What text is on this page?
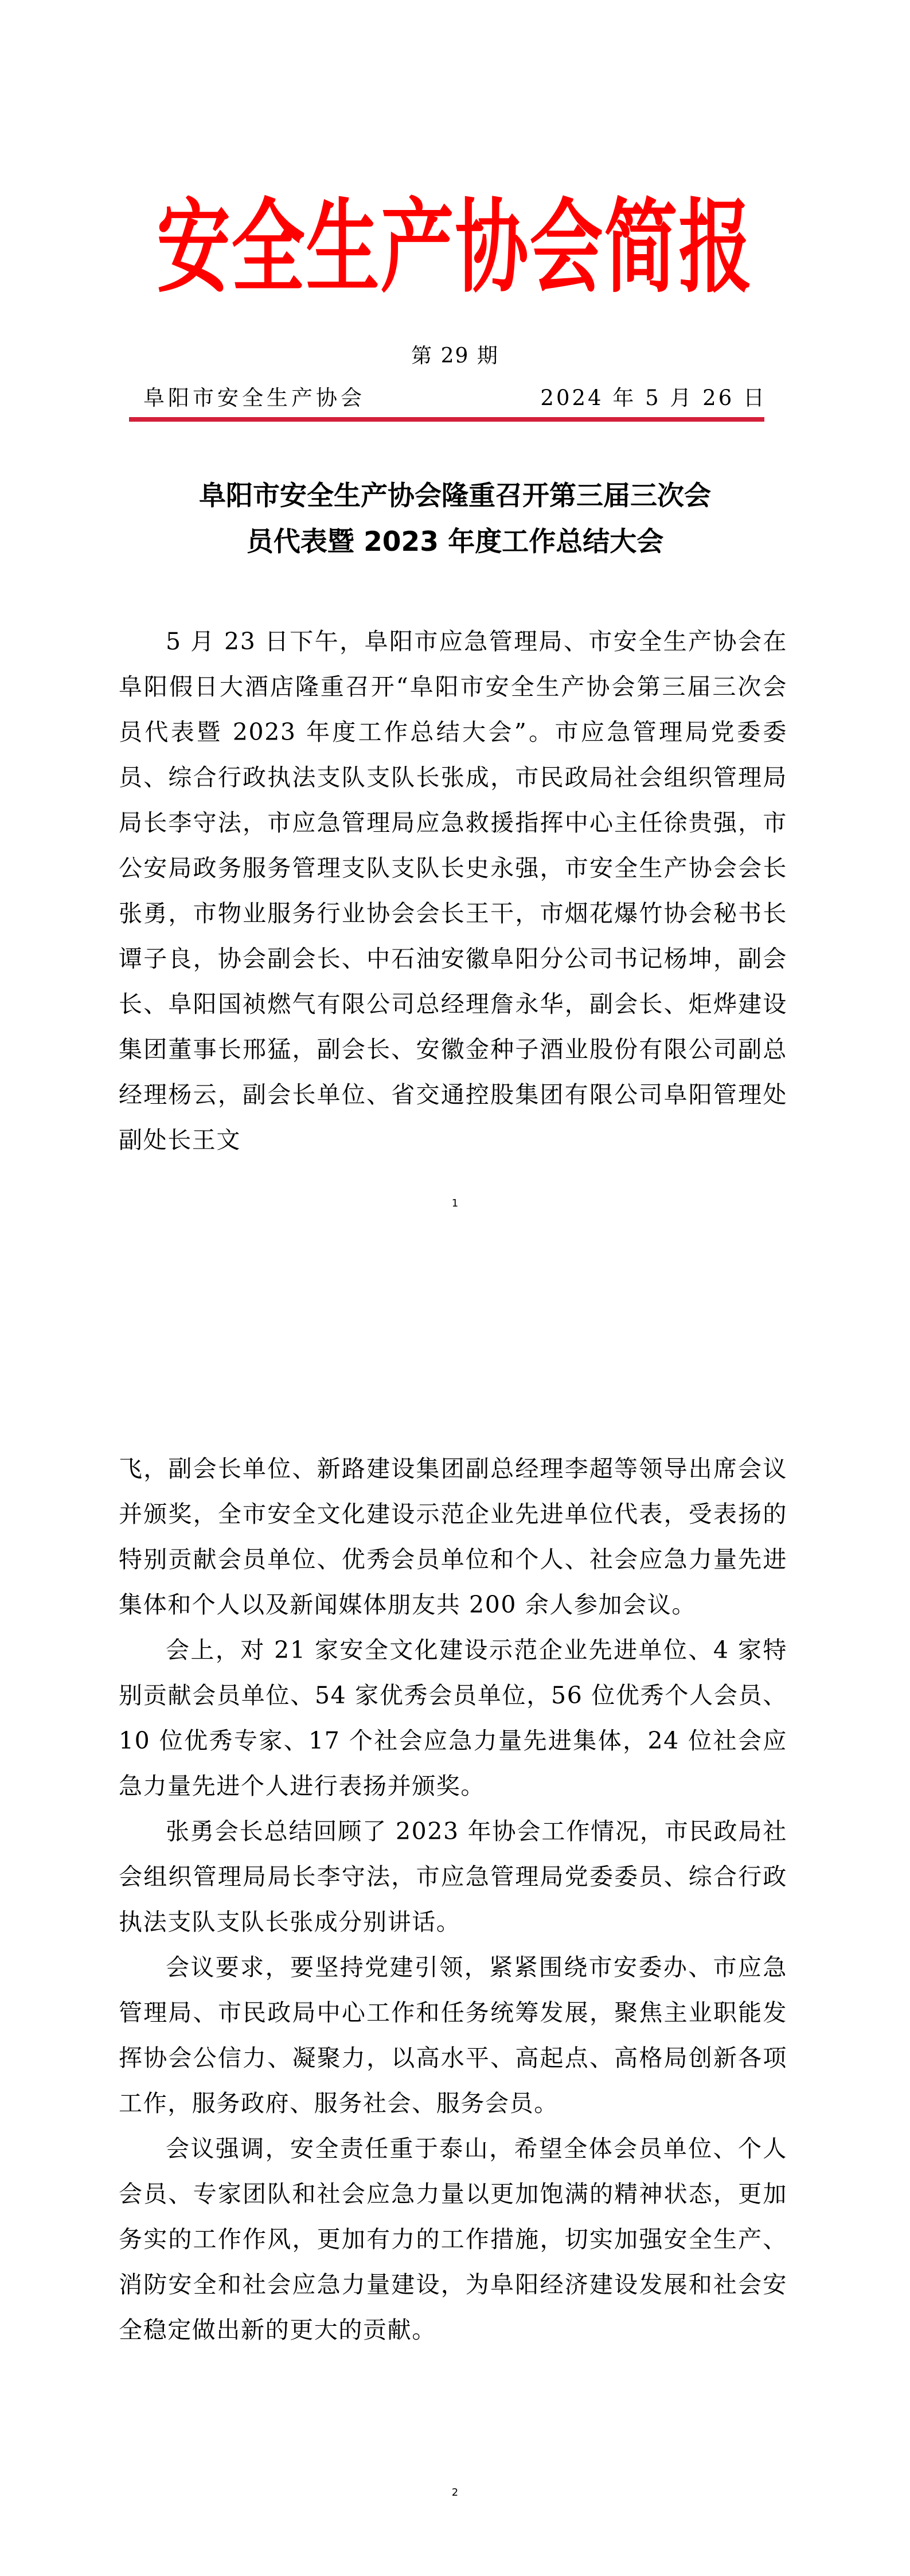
安全生产协会简报
第 29 期
阜阳市安全生产协会	2024 年 5 月 26 日
阜阳市安全生产协会隆重召开第三届三次会
员代表暨 2023 年度工作总结大会

5 月 23 日下午，阜阳市应急管理局、市安全生产协会在阜阳假日大酒店隆重召开“阜阳市安全生产协会第三届三次会员代表暨 2023 年度工作总结大会”。市应急管理局党委委员、综合行政执法支队支队长张成，市民政局社会组织管理局局长李守法，市应急管理局应急救援指挥中心主任徐贵强，市公安局政务服务管理支队支队长史永强，市安全生产协会会长张勇，市物业服务行业协会会长王干，市烟花爆竹协会秘书长谭子良，协会副会长、中石油安徽阜阳分公司书记杨坤，副会长、阜阳国祯燃气有限公司总经理詹永华，副会长、炬烨建设集团董事长邢猛，副会长、安徽金种子酒业股份有限公司副总经理杨云，副会长单位、省交通控股集团有限公司阜阳管理处副处长王文

1

飞，副会长单位、新路建设集团副总经理李超等领导出席会议并颁奖，全市安全文化建设示范企业先进单位代表，受表扬的特别贡献会员单位、优秀会员单位和个人、社会应急力量先进集体和个人以及新闻媒体朋友共 200 余人参加会议。

会上，对 21 家安全文化建设示范企业先进单位、4 家特别贡献会员单位、54 家优秀会员单位，56 位优秀个人会员、10 位优秀专家、17 个社会应急力量先进集体，24 位社会应急力量先进个人进行表扬并颁奖。

张勇会长总结回顾了 2023 年协会工作情况，市民政局社会组织管理局局长李守法，市应急管理局党委委员、综合行政执法支队支队长张成分别讲话。

会议要求，要坚持党建引领，紧紧围绕市安委办、市应急管理局、市民政局中心工作和任务统筹发展，聚焦主业职能发挥协会公信力、凝聚力，以高水平、高起点、高格局创新各项工作，服务政府、服务社会、服务会员。

会议强调，安全责任重于泰山，希望全体会员单位、个人会员、专家团队和社会应急力量以更加饱满的精神状态，更加务实的工作作风，更加有力的工作措施，切实加强安全生产、消防安全和社会应急力量建设，为阜阳经济建设发展和社会安全稳定做出新的更大的贡献。

2
